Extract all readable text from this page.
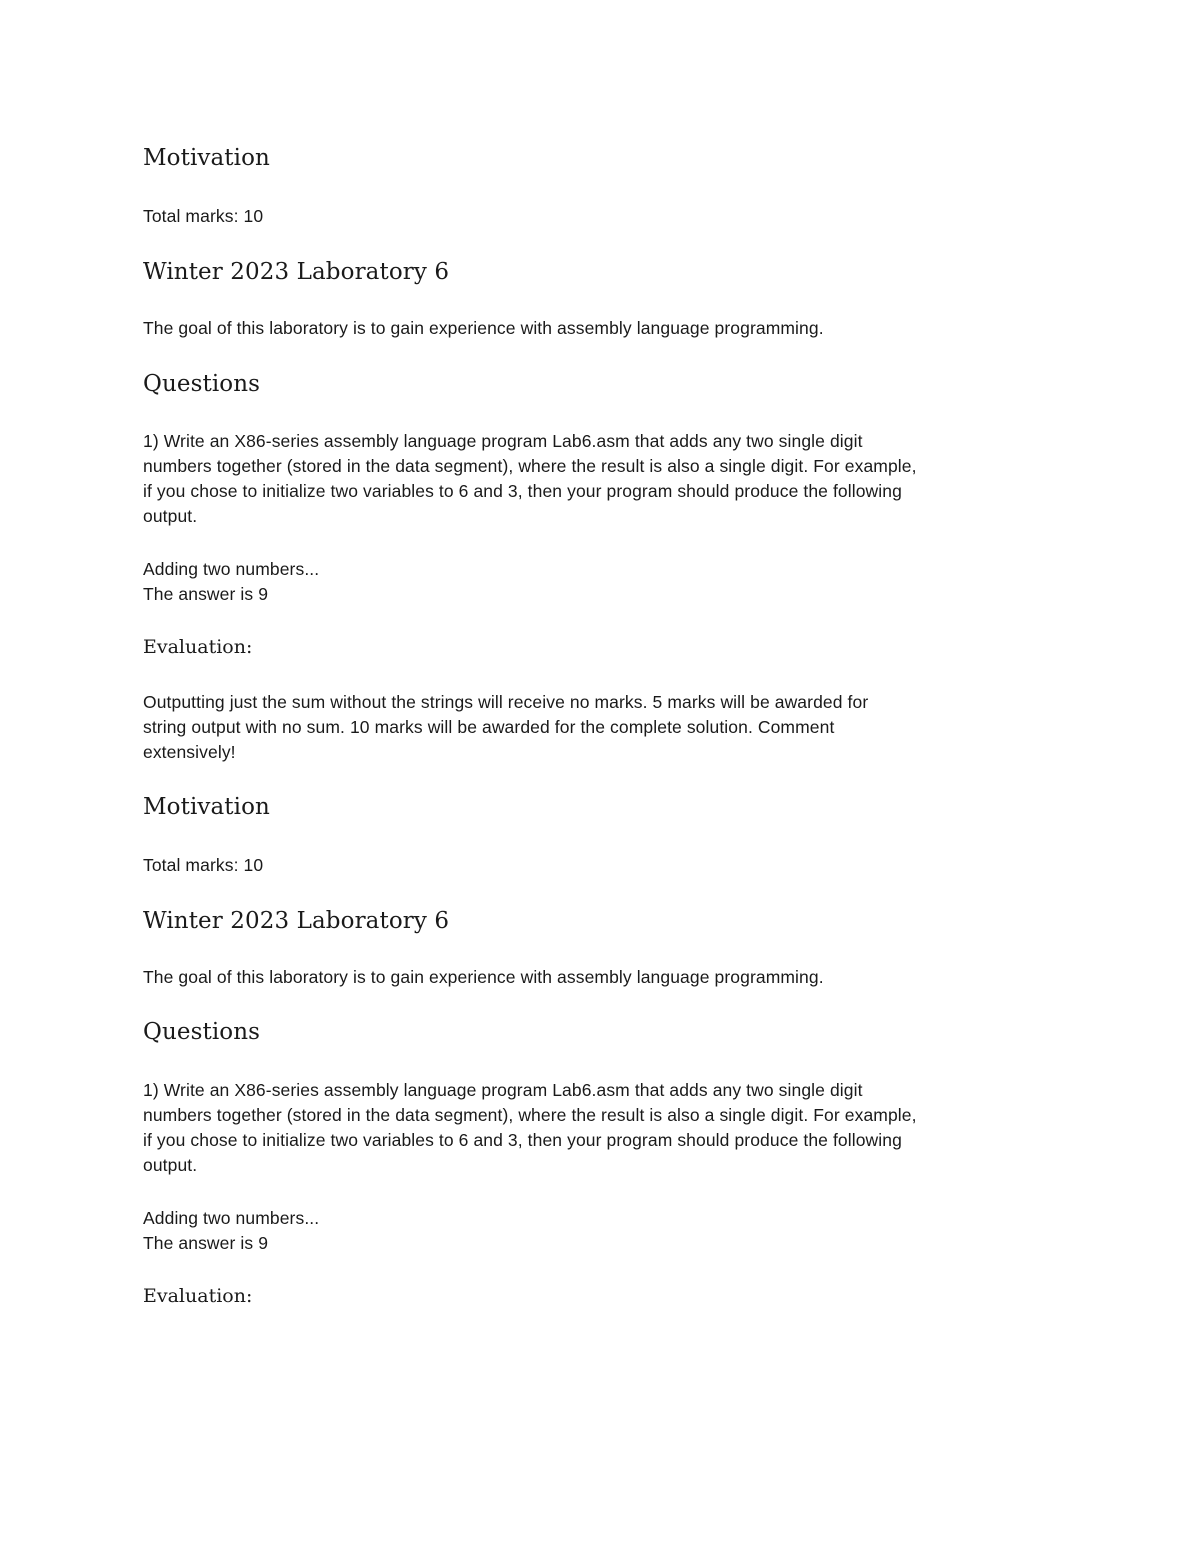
Motivation
Total marks: 10
Winter 2023 Laboratory 6
The goal of this laboratory is to gain experience with assembly language programming.
Questions
1) Write an X86-series assembly language program Lab6.asm that adds any two single digit
numbers together (stored in the data segment), where the result is also a single digit. For example,
if you chose to initialize two variables to 6 and 3, then your program should produce the following
output.
Adding two numbers...
The answer is 9
Evaluation:
Outputting just the sum without the strings will receive no marks. 5 marks will be awarded for
string output with no sum. 10 marks will be awarded for the complete solution. Comment
extensively!
Motivation
Total marks: 10
Winter 2023 Laboratory 6
The goal of this laboratory is to gain experience with assembly language programming.
Questions
1) Write an X86-series assembly language program Lab6.asm that adds any two single digit
numbers together (stored in the data segment), where the result is also a single digit. For example,
if you chose to initialize two variables to 6 and 3, then your program should produce the following
output.
Adding two numbers...
The answer is 9
Evaluation:
